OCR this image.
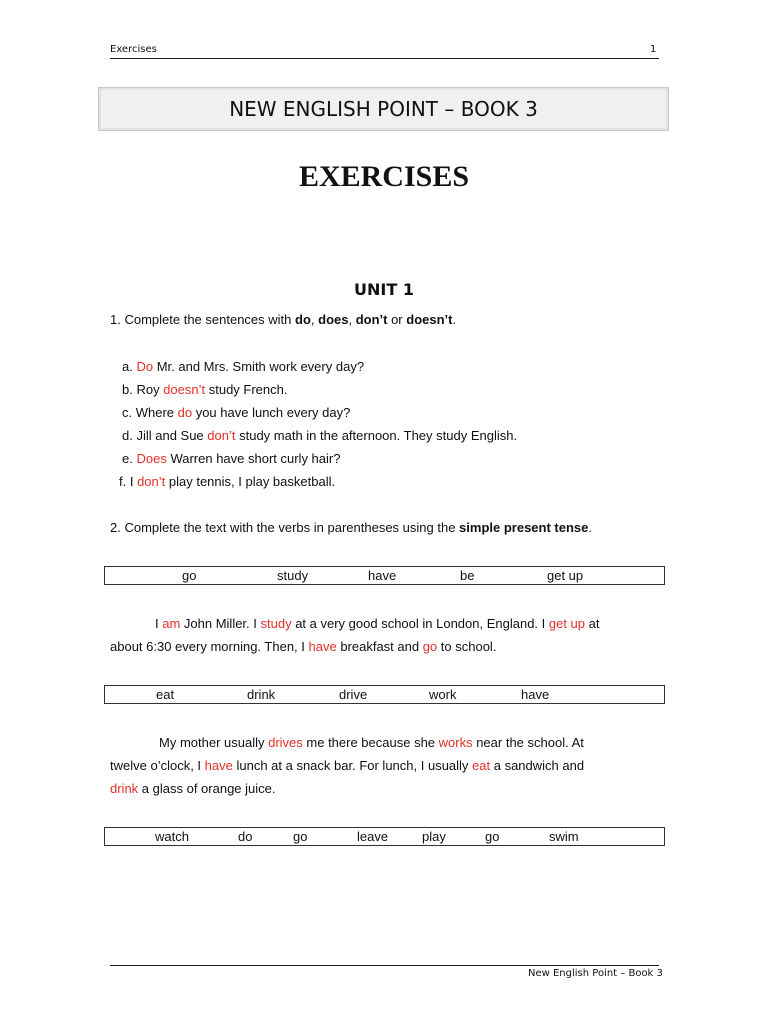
Exercises	1
NEW ENGLISH POINT – BOOK 3
EXERCISES
UNIT 1
1. Complete the sentences with do, does, don’t or doesn’t.
a. Do Mr. and Mrs. Smith work every day?
b. Roy doesn’t study French.
c. Where do you have lunch every day?
d. Jill and Sue don’t study math in the afternoon. They study English.
e. Does Warren have short curly hair?
f. I don’t play tennis, I play basketball.
2. Complete the text with the verbs in parentheses using the simple present tense.
go	study	have	be	get up
I am John Miller. I study at a very good school in London, England. I get up at
about 6:30 every morning. Then, I have breakfast and go to school.
eat	drink	drive	work	have
My mother usually drives me there because she works near the school. At
twelve o’clock, I have lunch at a snack bar. For lunch, I usually eat a sandwich and
drink a glass of orange juice.
watch	do	go	leave	play	go	swim
New English Point – Book 3
